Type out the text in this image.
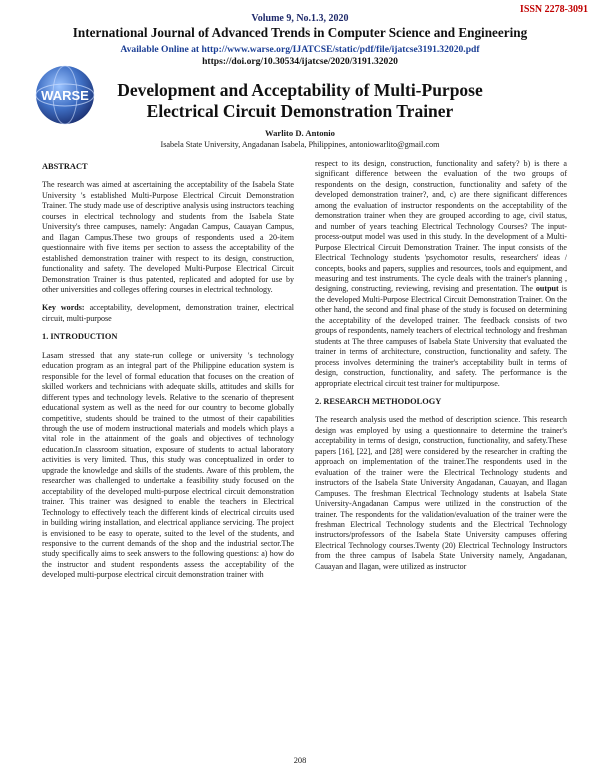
ISSN 2278-3091
Volume 9, No.1.3, 2020
International Journal of Advanced Trends in Computer Science and Engineering
Available Online at http://www.warse.org/IJATCSE/static/pdf/file/ijatcse3191.32020.pdf
https://doi.org/10.30534/ijatcse/2020/3191.32020
WARSE	Development and Acceptability of Multi-Purpose
Electrical Circuit Demonstration Trainer
Warlito D. Antonio
Isabela State University, Angadanan Isabela, Philippines, antoniowarlito@gmail.com
ABSTRACT

The research was aimed at ascertaining the acceptability of the Isabela State University 's established Multi-Purpose Electrical Circuit Demonstration Trainer. The study made use of descriptive analysis using instructors teaching courses in electrical technology and students from the Isabela State University's three campuses, namely: Angadan Campus, Cauayan Campus, and Ilagan Campus.These two groups of respondents used a 20-item questionnaire with five items per section to assess the acceptability of the established demonstration trainer with respect to its design, construction, functionality and safety. The developed Multi-Purpose Electrical Circuit Demonstration Trainer is thus patented, replicated and adopted for use by other universities and colleges offering courses in electrical technology.

Key words: acceptability, development, demonstration trainer, electrical circuit, multi-purpose

1. INTRODUCTION

Lasam stressed that any state-run college or university 's technology education program as an integral part of the Philippine education system is responsible for the level of formal education that focuses on the creation of skilled workers and technicians with adequate skills, attitudes and skills for different types and technology levels. Relative to the scenario of thepresent educational system as well as the need for our country to become globally competitive, students should be trained to the utmost of their capabilities through the use of modern instructional materials and models which plays a vital role in the attainment of the goals and objectives of technology education.In classroom situation, exposure of students to actual laboratory activities is very limited. Thus, this study was conceptualized in order to upgrade the knowledge and skills of the students. Aware of this problem, the researcher was challenged to undertake a feasibility study focused on the acceptability of the developed multi-purpose electrical circuit demonstration trainer. This trainer was designed to enable the teachers in Electrical Technology to effectively teach the different kinds of electrical circuits used in building wiring installation, and electrical appliance servicing. The project is envisioned to be easy to operate, suited to the level of the students, and responsive to the current demands of the shop and the industrial sector.The study specifically aims to seek answers to the following questions: a) how do the instructor and student respondents assess the acceptability of the developed multi-purpose electrical circuit demonstration trainer with

respect to its design, construction, functionality and safety? b) is there a significant difference between the evaluation of the two groups of respondents on the design, construction, functionality and safety of the developed demonstration trainer?, and, c) are there significant differences among the evaluation of instructor respondents on the acceptability of the demonstration trainer when they are grouped according to age, civil status, and number of years teaching Electrical Technology Courses? The input-process-output model was used in this study. In the development of a Multi-Purpose Electrical Circuit Demonstration Trainer. The input consists of the Electrical Technology students 'psychomotor results, researchers' ideas / concepts, books and papers, supplies and resources, tools and equipment, and measuring and test instruments. The cycle deals with the trainer's planning , designing, constructing, reviewing, revising and presentation. The output is the developed Multi-Purpose Electrical Circuit Demonstration Trainer. On the other hand, the second and final phase of the study is focused on determining the acceptability of the developed trainer. The feedback consists of two groups of respondents, namely teachers of electrical technology and freshman students at The three campuses of Isabela State University that evaluated the trainer in terms of architecture, construction, functionality and safety. The process involves determining the trainer's acceptability built in terms of design, construction, functionality, and safety. The performance is the appropriate electrical circuit test trainer for multipurpose.

2. RESEARCH METHODOLOGY

The research analysis used the method of description science. This research design was employed by using a questionnaire to determine the trainer's acceptability in terms of design, construction, functionality, and safety.These papers [16], [22], and [28] were considered by the researcher in crafting the approach on implementation of the trainer.The respondents used in the evaluation of the trainer were the Electrical Technology students and instructors of the Isabela State University Angadanan, Cauayan, and Ilagan Campuses. The freshman Electrical Technology students at Isabela State University-Angadanan Campus were utilized in the construction of the trainer. The respondents for the validation/evaluation of the trainer were the freshman Electrical Technology students and the Electrical Technology instructors/professors of the Isabela State University campuses offering Electrical Technology courses.Twenty (20) Electrical Technology Instructors from the three campus of Isabela State University namely, Angadanan, Cauayan and Ilagan, were utilized as instructor

208
